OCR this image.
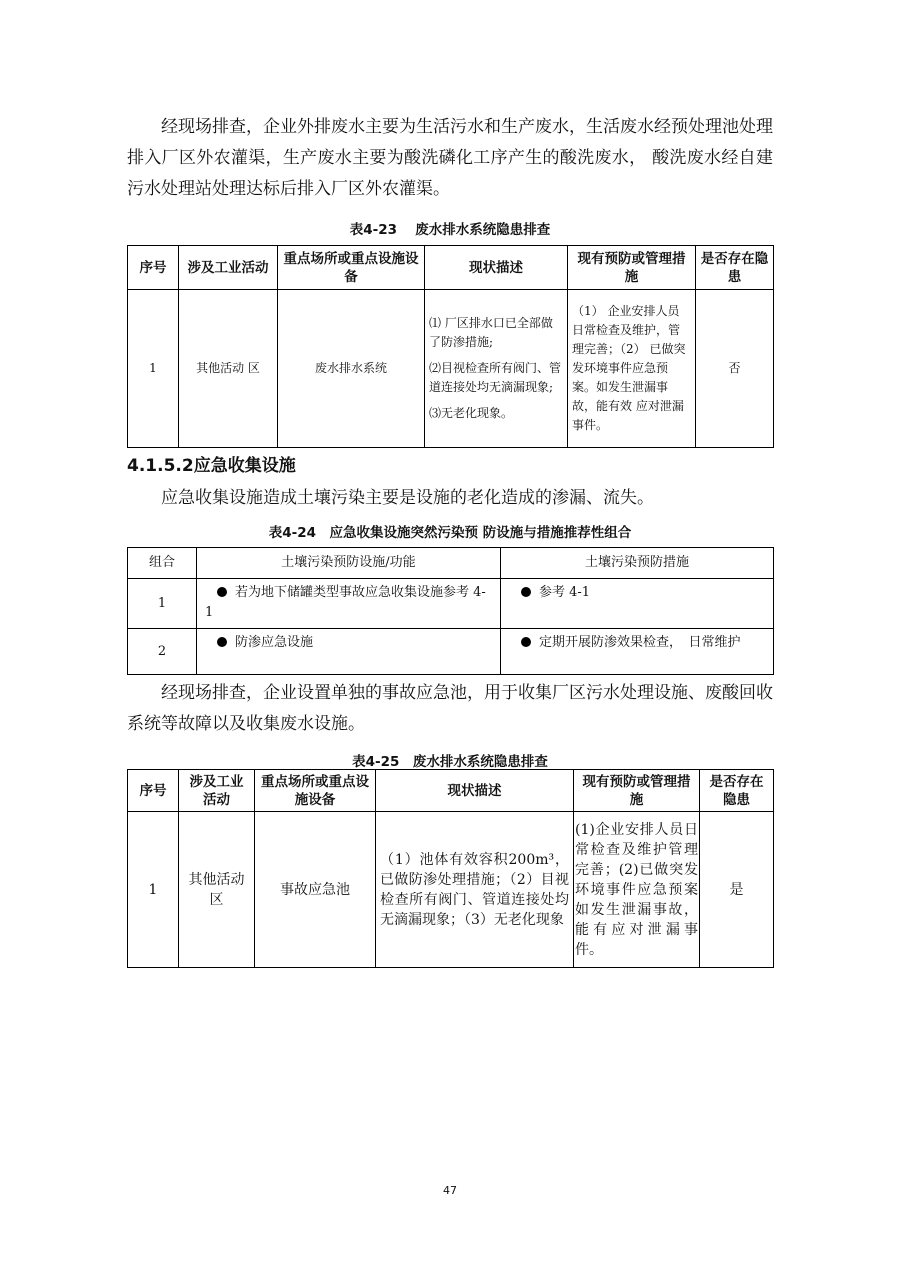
经现场排查，企业外排废水主要为生活污水和生产废水，生活废水经预处理池处理排入厂区外农灌渠，生产废水主要为酸洗磷化工序产生的酸洗废水， 酸洗废水经自建污水处理站处理达标后排入厂区外农灌渠。

表4-23　 废水排水系统隐患排查

序号	涉及工业活动	重点场所或重点设施设备	现状描述	现有预防或管理措施	是否存在隐患
1	其他活动 区	废水排水系统	⑴ 厂区排水口已全部做了防渗措施;

⑵目视检查所有阀门、管道连接处均无滴漏现象;

⑶无老化现象。	（1） 企业安排人员 日常检查及维护，管理完善；（2） 已做突发环境事件应急预 案。如发生泄漏事故，能有效 应对泄漏事件。	否

4.1.5.2应急收集设施

应急收集设施造成土壤污染主要是设施的老化造成的渗漏、流失。

表4-24　应急收集设施突然污染预 防设施与措施推荐性组合

组合	土壤污染预防设施/功能	土壤污染预防措施
1	若为地下储罐类型事故应急收集设施参考 4-1	参考 4-1
2	防渗应急设施	定期开展防渗效果检查，　日常维护

经现场排查，企业设置单独的事故应急池，用于收集厂区污水处理设施、废酸回收系统等故障以及收集废水设施。

表4-25　废水排水系统隐患排查

序号	涉及工业活动	重点场所或重点设施设备	现状描述	现有预防或管理措施	是否存在隐患
1	其他活动区	事故应急池	（1）池体有效容积200m³，已做防渗处理措施；（2）目视检查所有阀门、管道连接处均无滴漏现象；（3）无老化现象	(1)企业安排人员日常检查及维护管理完善；(2)已做突发环境事件应急预案如发生泄漏事故，能有应对泄漏事件。	是
47
